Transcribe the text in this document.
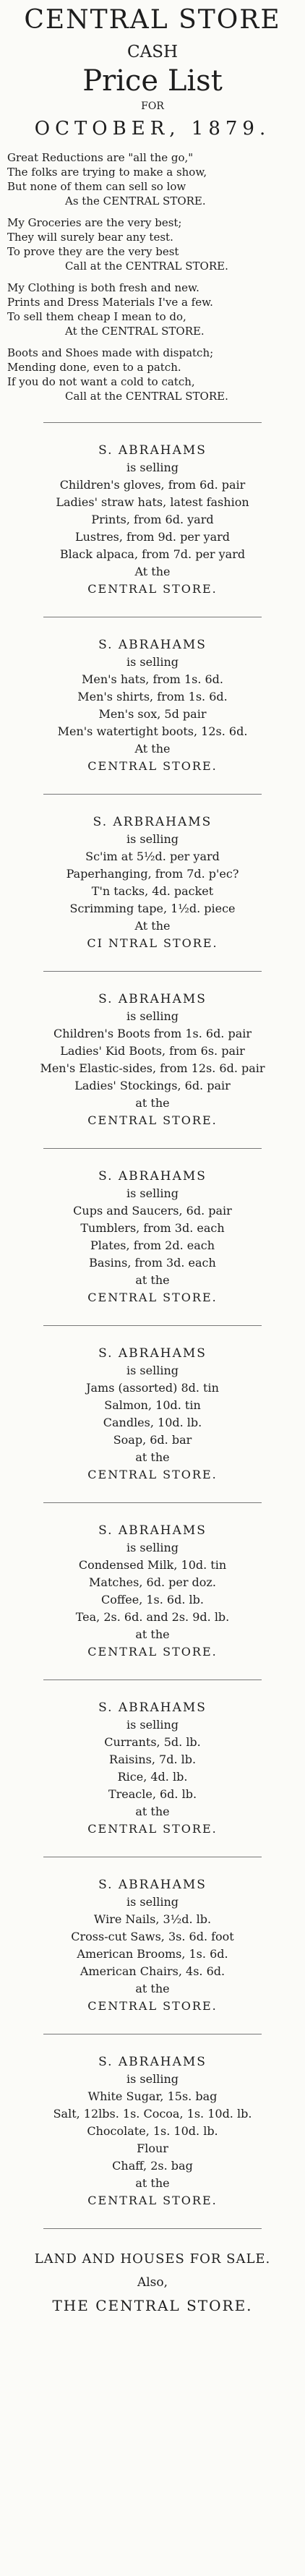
CENTRAL STORE
CASH
Price List
FOR
OCTOBER, 1879.
Great Reductions are "all the go,"
The folks are trying to make a show,
But none of them can sell so low
As the CENTRAL STORE.
My Groceries are the very best;
They will surely bear any test.
To prove they are the very best
Call at the CENTRAL STORE.
My Clothing is both fresh and new.
Prints and Dress Materials I've a few.
To sell them cheap I mean to do,
At the CENTRAL STORE.
Boots and Shoes made with dispatch;
Mending done, even to a patch.
If you do not want a cold to catch,
Call at the CENTRAL STORE.
S. ABRAHAMS
is selling
Children's gloves, from 6d. pair
Ladies' straw hats, latest fashion
Prints, from 6d. yard
Lustres, from 9d. per yard
Black alpaca, from 7d. per yard
At the
CENTRAL STORE.
S. ABRAHAMS
is selling
Men's hats, from 1s. 6d.
Men's shirts, from 1s. 6d.
Men's sox, 5d pair
Men's watertight boots, 12s. 6d.
At the
CENTRAL STORE.
S. ARBRAHAMS
is selling
Sc'im at 5½d. per yard
Paperhanging, from 7d. p'ec?
T'n tacks, 4d. packet
Scrimming tape, 1½d. piece
At the
CI NTRAL STORE.
S. ABRAHAMS
is selling
Children's Boots from 1s. 6d. pair
Ladies' Kid Boots, from 6s. pair
Men's Elastic-sides, from 12s. 6d. pair
Ladies' Stockings, 6d. pair
at the
CENTRAL STORE.
S. ABRAHAMS
is selling
Cups and Saucers, 6d. pair
Tumblers, from 3d. each
Plates, from 2d. each
Basins, from 3d. each
at the
CENTRAL STORE.
S. ABRAHAMS
is selling
Jams (assorted) 8d. tin
Salmon, 10d. tin
Candles, 10d. lb.
Soap, 6d. bar
at the
CENTRAL STORE.
S. ABRAHAMS
is selling
Condensed Milk, 10d. tin
Matches, 6d. per doz.
Coffee, 1s. 6d. lb.
Tea, 2s. 6d. and 2s. 9d. lb.
at the
CENTRAL STORE.
S. ABRAHAMS
is selling
Currants, 5d. lb.
Raisins, 7d. lb.
Rice, 4d. lb.
Treacle, 6d. lb.
at the
CENTRAL STORE.
S. ABRAHAMS
is selling
Wire Nails, 3½d. lb.
Cross-cut Saws, 3s. 6d. foot
American Brooms, 1s. 6d.
American Chairs, 4s. 6d.
at the
CENTRAL STORE.
S. ABRAHAMS
is selling
White Sugar, 15s. bag
Salt, 12lbs. 1s. Cocoa, 1s. 10d. lb.
Chocolate, 1s. 10d. lb.
Flour
Chaff, 2s. bag
at the
CENTRAL STORE.
LAND AND HOUSES FOR SALE.
Also,
THE CENTRAL STORE.
